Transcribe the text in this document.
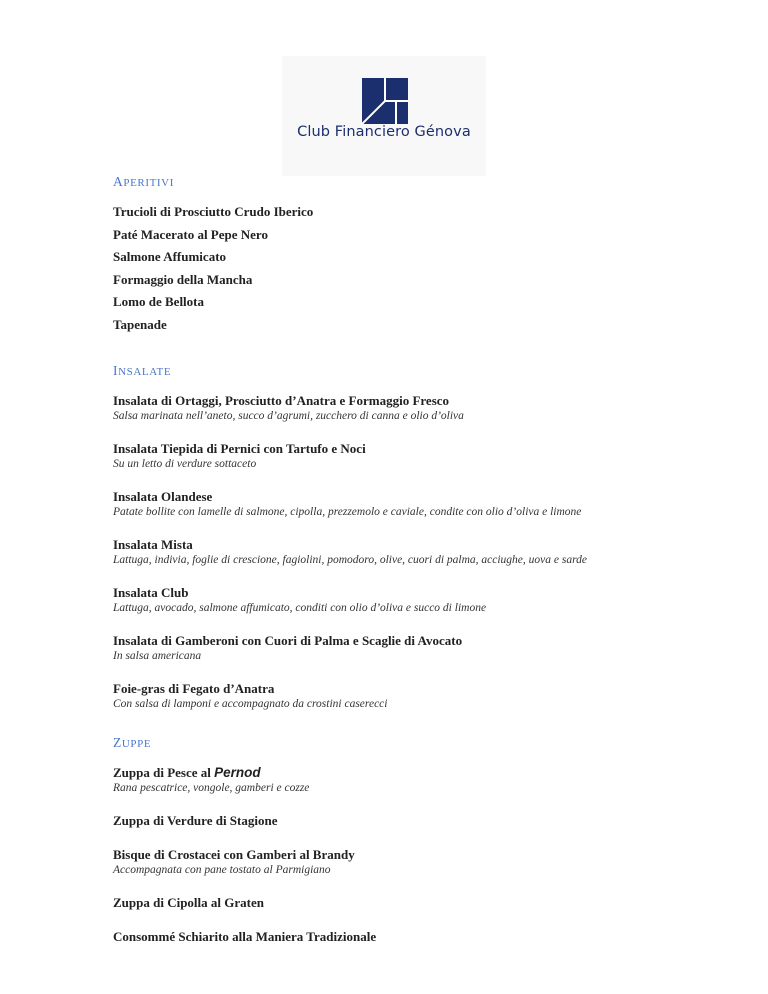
Club Financiero Génova
APERITIVI
Trucioli di Prosciutto Crudo Iberico
Paté Macerato al Pepe Nero
Salmone Affumicato
Formaggio della Mancha
Lomo de Bellota
Tapenade
INSALATE
Insalata di Ortaggi, Prosciutto d’Anatra e Formaggio Fresco
Salsa marinata nell’aneto, succo d’agrumi, zucchero di canna e olio d’oliva
Insalata Tiepida di Pernici con Tartufo e Noci
Su un letto di verdure sottaceto
Insalata Olandese
Patate bollite con lamelle di salmone, cipolla, prezzemolo e caviale, condite con olio d’oliva e limone
Insalata Mista
Lattuga, indivia, foglie di crescione, fagiolini, pomodoro, olive, cuori di palma, acciughe, uova e sarde
Insalata Club
Lattuga, avocado, salmone affumicato, conditi con olio d’oliva e succo di limone
Insalata di Gamberoni con Cuori di Palma e Scaglie di Avocato
In salsa americana
Foie-gras di Fegato d’Anatra
Con salsa di lamponi e accompagnato da crostini caserecci
ZUPPE
Zuppa di Pesce al Pernod
Rana pescatrice, vongole, gamberi e cozze
Zuppa di Verdure di Stagione
Bisque di Crostacei con Gamberi al Brandy
Accompagnata con pane tostato al Parmigiano
Zuppa di Cipolla al Graten
Consommé Schiarito alla Maniera Tradizionale
